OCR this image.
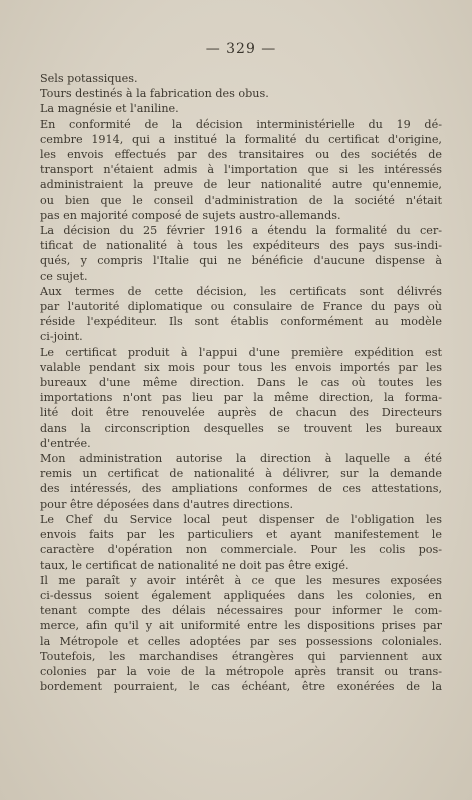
— 329 —
Sels potassiques.
Tours destinés à la fabrication des obus.
La magnésie et l'aniline.
En conformité de la décision interministérielle du 19 dé-
cembre 1914, qui a institué la formalité du certificat d'origine,
les envois effectués par des transitaires ou des sociétés de
transport n'étaient admis à l'importation que si les intéressés
administraient la preuve de leur nationalité autre qu'ennemie,
ou bien que le conseil d'administration de la société n'était
pas en majorité composé de sujets austro-allemands.
La décision du 25 février 1916 a étendu la formalité du cer-
tificat de nationalité à tous les expéditeurs des pays sus-indi-
qués, y compris l'Italie qui ne bénéficie d'aucune dispense à
ce sujet.
Aux termes de cette décision, les certificats sont délivrés
par l'autorité diplomatique ou consulaire de France du pays où
réside l'expéditeur. Ils sont établis conformément au modèle
ci-joint.
Le certificat produit à l'appui d'une première expédition est
valable pendant six mois pour tous les envois importés par les
bureaux d'une même direction. Dans le cas où toutes les
importations n'ont pas lieu par la même direction, la forma-
lité doit être renouvelée auprès de chacun des Directeurs
dans la circonscription desquelles se trouvent les bureaux
d'entrée.
Mon administration autorise la direction à laquelle a été
remis un certificat de nationalité à délivrer, sur la demande
des intéressés, des ampliations conformes de ces attestations,
pour être déposées dans d'autres directions.
Le Chef du Service local peut dispenser de l'obligation les
envois faits par les particuliers et ayant manifestement le
caractère d'opération non commerciale. Pour les colis pos-
taux, le certificat de nationalité ne doit pas être exigé.
Il me paraît y avoir intérêt à ce que les mesures exposées
ci-dessus soient également appliquées dans les colonies, en
tenant compte des délais nécessaires pour informer le com-
merce, afin qu'il y ait uniformité entre les dispositions prises par
la Métropole et celles adoptées par ses possessions coloniales.
Toutefois, les marchandises étrangères qui parviennent aux
colonies par la voie de la métropole après transit ou trans-
bordement pourraient, le cas échéant, être exonérées de la
